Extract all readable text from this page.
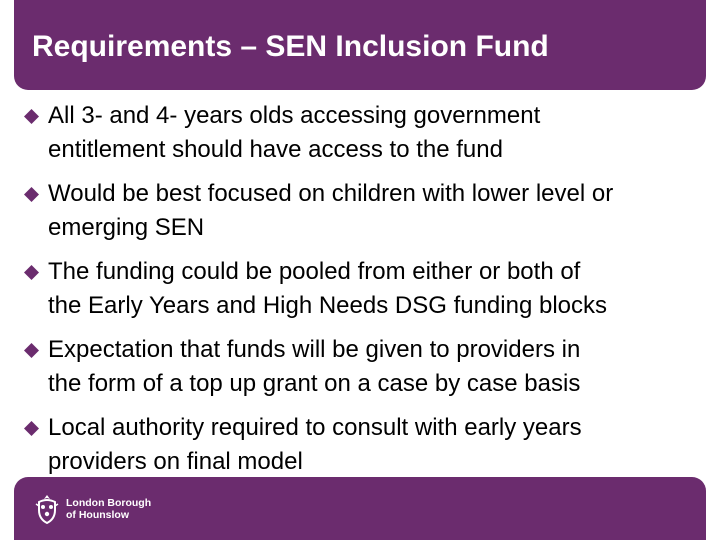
Requirements – SEN Inclusion Fund
All 3- and 4- years olds accessing government
entitlement should have access to the fund
Would be best focused on children with lower level or
emerging SEN
The funding could be pooled from either or both of
the Early Years and High Needs DSG funding blocks
Expectation that funds will be given to providers in
the form of a top up grant on a case by case basis
Local authority required to consult with early years
providers on final model
London Borough
of Hounslow
